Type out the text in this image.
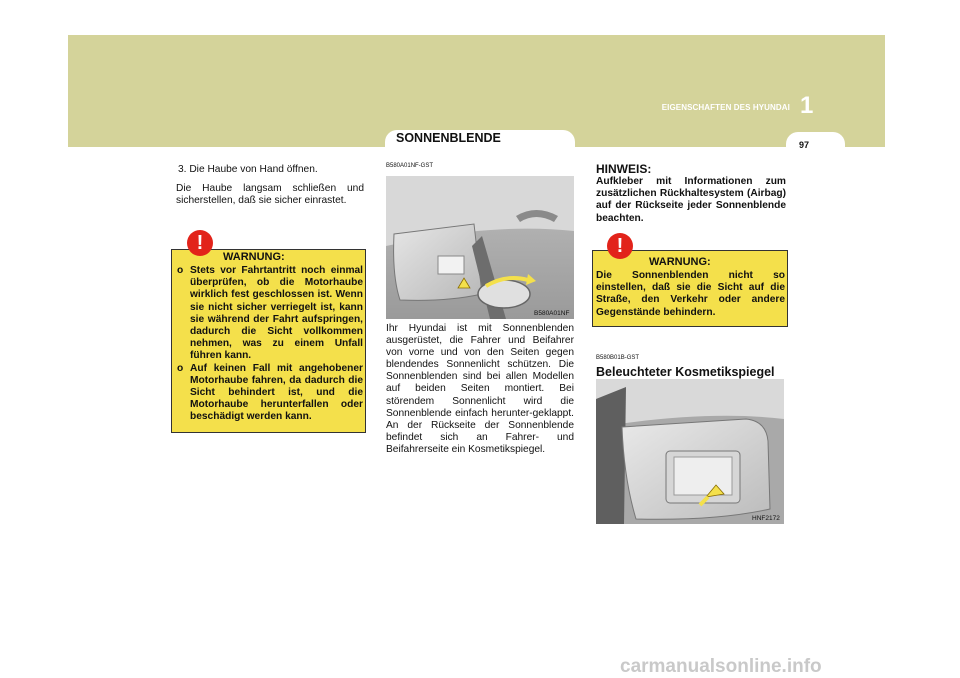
EIGENSCHAFTEN DES HYUNDAI 1
97
SONNENBLENDE

3. Die Haube von Hand öffnen.

Die Haube langsam schließen und sicherstellen, daß sie sicher einrastet.

!
WARNUNG:
o Stets vor Fahrtantritt noch einmal überprüfen, ob die Motorhaube wirklich fest geschlossen ist. Wenn sie nicht sicher verriegelt ist, kann sie während der Fahrt aufspringen, dadurch die Sicht vollkommen nehmen, was zu einem Unfall führen kann.
o Auf keinen Fall mit angehobener Motorhaube fahren, da dadurch die Sicht behindert ist, und die Motorhaube herunterfallen oder beschädigt werden kann.

B580A01NF-GST

B580A01NF

Ihr Hyundai ist mit Sonnenblenden ausgerüstet, die Fahrer und Beifahrer von vorne und von den Seiten gegen blendendes Sonnenlicht schützen. Die Sonnenblenden sind bei allen Modellen auf beiden Seiten montiert. Bei störendem Sonnenlicht wird die Sonnenblende einfach herunter-geklappt. An der Rückseite der Sonnenblende befindet sich an Fahrer- und Beifahrerseite ein Kosmetikspiegel.

HINWEIS:

Aufkleber mit Informationen zum zusätzlichen Rückhaltesystem (Airbag) auf der Rückseite jeder Sonnenblende beachten.

!
WARNUNG:
Die Sonnenblenden nicht so einstellen, daß sie die Sicht auf die Straße, den Verkehr oder andere Gegenstände behindern.

B580B01B-GST

Beleuchteter Kosmetikspiegel

HNF2172
carmanualsonline.info
